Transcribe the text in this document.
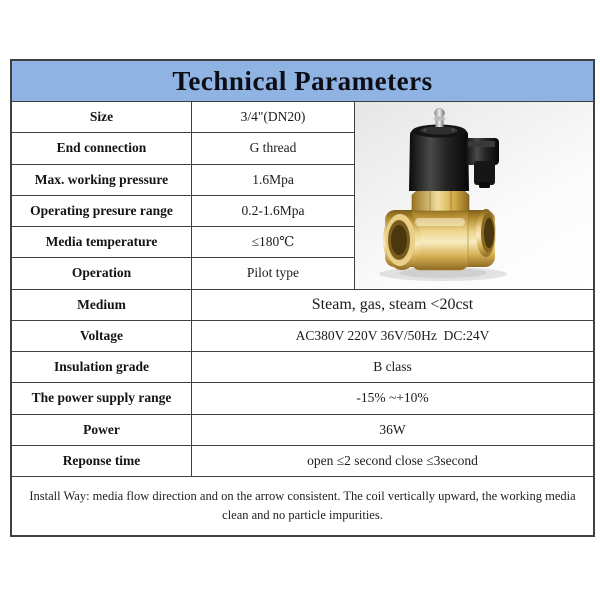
Technical Parameters
Size	3/4"(DN20)
End connection	G thread
Max. working pressure	1.6Mpa
Operating presure range	0.2-1.6Mpa
Media temperature	≤180℃
Operation	Pilot type
Medium	Steam, gas, steam <20cst
Voltage	AC380V 220V 36V/50Hz  DC:24V
Insulation grade	B class
The power supply range	-15% ~+10%
Power	36W
Reponse time	open ≤2 second close ≤3second
Install Way: media flow direction and on the arrow consistent. The coil vertically upward, the working media clean and no particle impurities.
